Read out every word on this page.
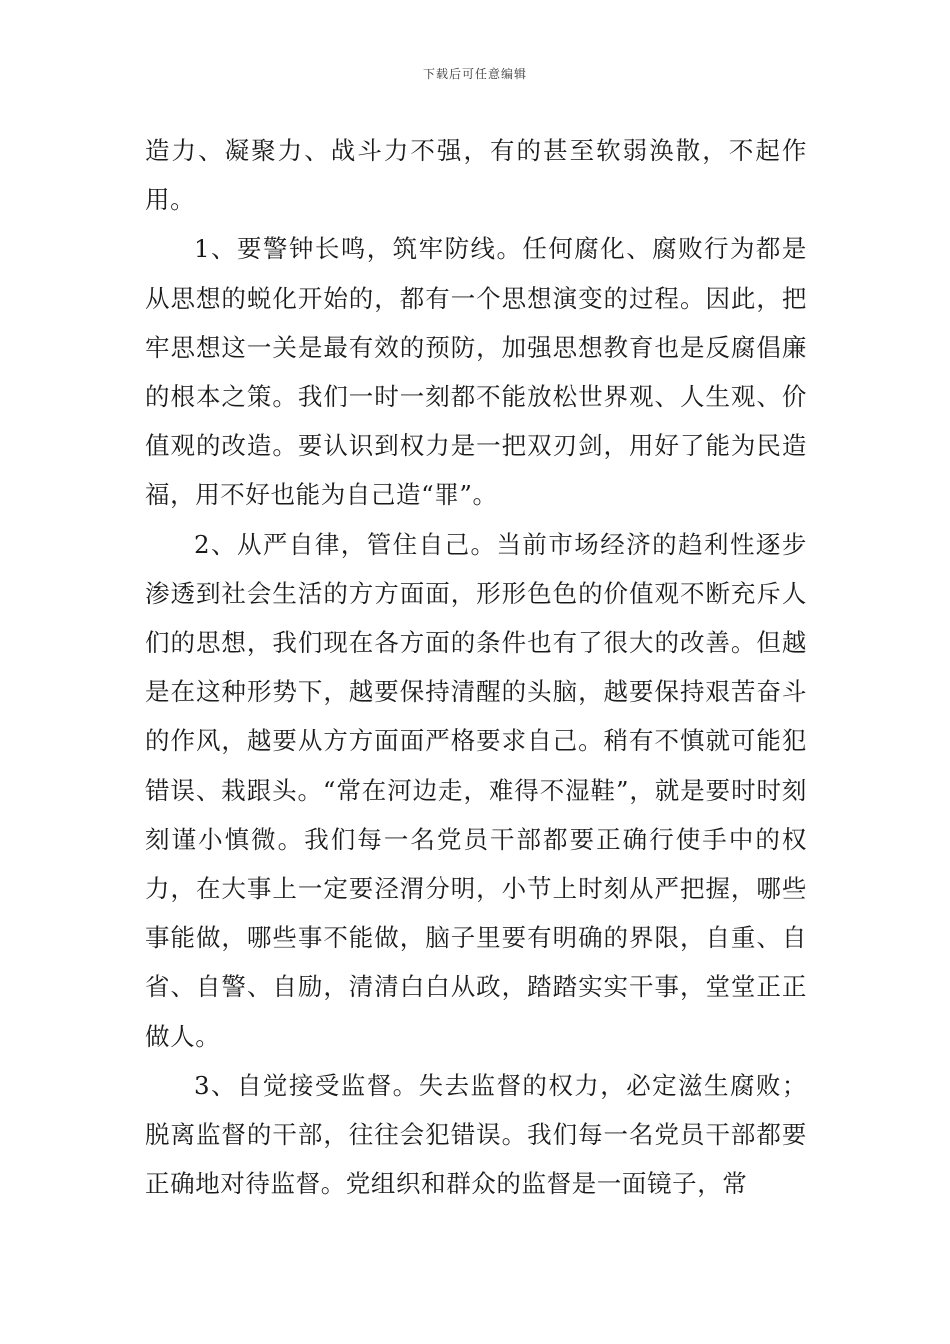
下载后可任意编辑

造力、凝聚力、战斗力不强，有的甚至软弱涣散，不起作用。

1、要警钟长鸣，筑牢防线。任何腐化、腐败行为都是从思想的蜕化开始的，都有一个思想演变的过程。因此，把牢思想这一关是最有效的预防，加强思想教育也是反腐倡廉的根本之策。我们一时一刻都不能放松世界观、人生观、价值观的改造。要认识到权力是一把双刃剑，用好了能为民造福，用不好也能为自己造“罪”。

2、从严自律，管住自己。当前市场经济的趋利性逐步渗透到社会生活的方方面面，形形色色的价值观不断充斥人们的思想，我们现在各方面的条件也有了很大的改善。但越是在这种形势下，越要保持清醒的头脑，越要保持艰苦奋斗的作风，越要从方方面面严格要求自己。稍有不慎就可能犯错误、栽跟头。“常在河边走，难得不湿鞋”，就是要时时刻刻谨小慎微。我们每一名党员干部都要正确行使手中的权力，在大事上一定要泾渭分明，小节上时刻从严把握，哪些事能做，哪些事不能做，脑子里要有明确的界限，自重、自省、自警、自励，清清白白从政，踏踏实实干事，堂堂正正做人。

3、自觉接受监督。失去监督的权力，必定滋生腐败；脱离监督的干部，往往会犯错误。我们每一名党员干部都要正确地对待监督。党组织和群众的监督是一面镜子，常
